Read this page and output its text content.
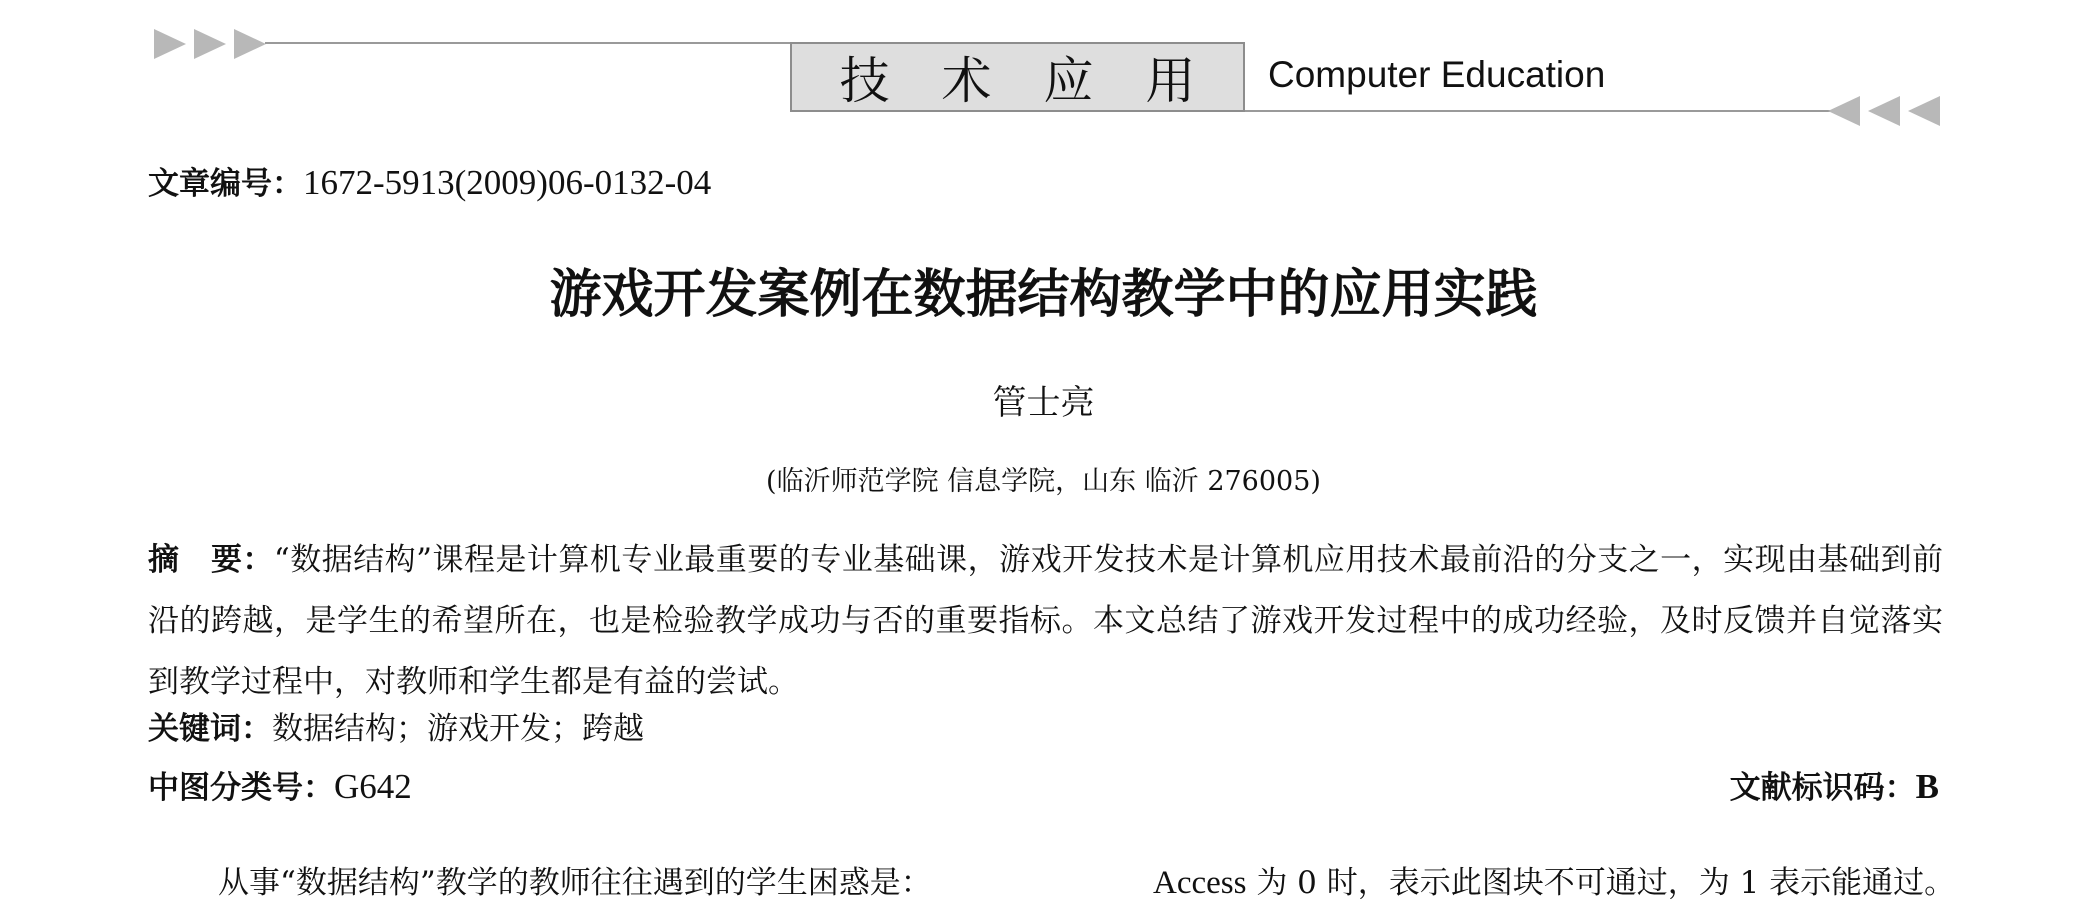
技 术 应 用 Computer Education
文章编号：1672-5913(2009)06-0132-04
游戏开发案例在数据结构教学中的应用实践
管士亮
(临沂师范学院 信息学院，山东 临沂 276005)
摘　要：“数据结构”课程是计算机专业最重要的专业基础课，游戏开发技术是计算机应用技术最前沿的分支之一，实现由基础到前沿的跨越，是学生的希望所在，也是检验教学成功与否的重要指标。本文总结了游戏开发过程中的成功经验，及时反馈并自觉落实到教学过程中，对教师和学生都是有益的尝试。
关键词：数据结构；游戏开发；跨越
中图分类号：G642	文献标识码：B
从事“数据结构”教学的教师往往遇到的学生困惑是：	Access 为 0 时，表示此图块不可通过，为 1 表示能通过。
